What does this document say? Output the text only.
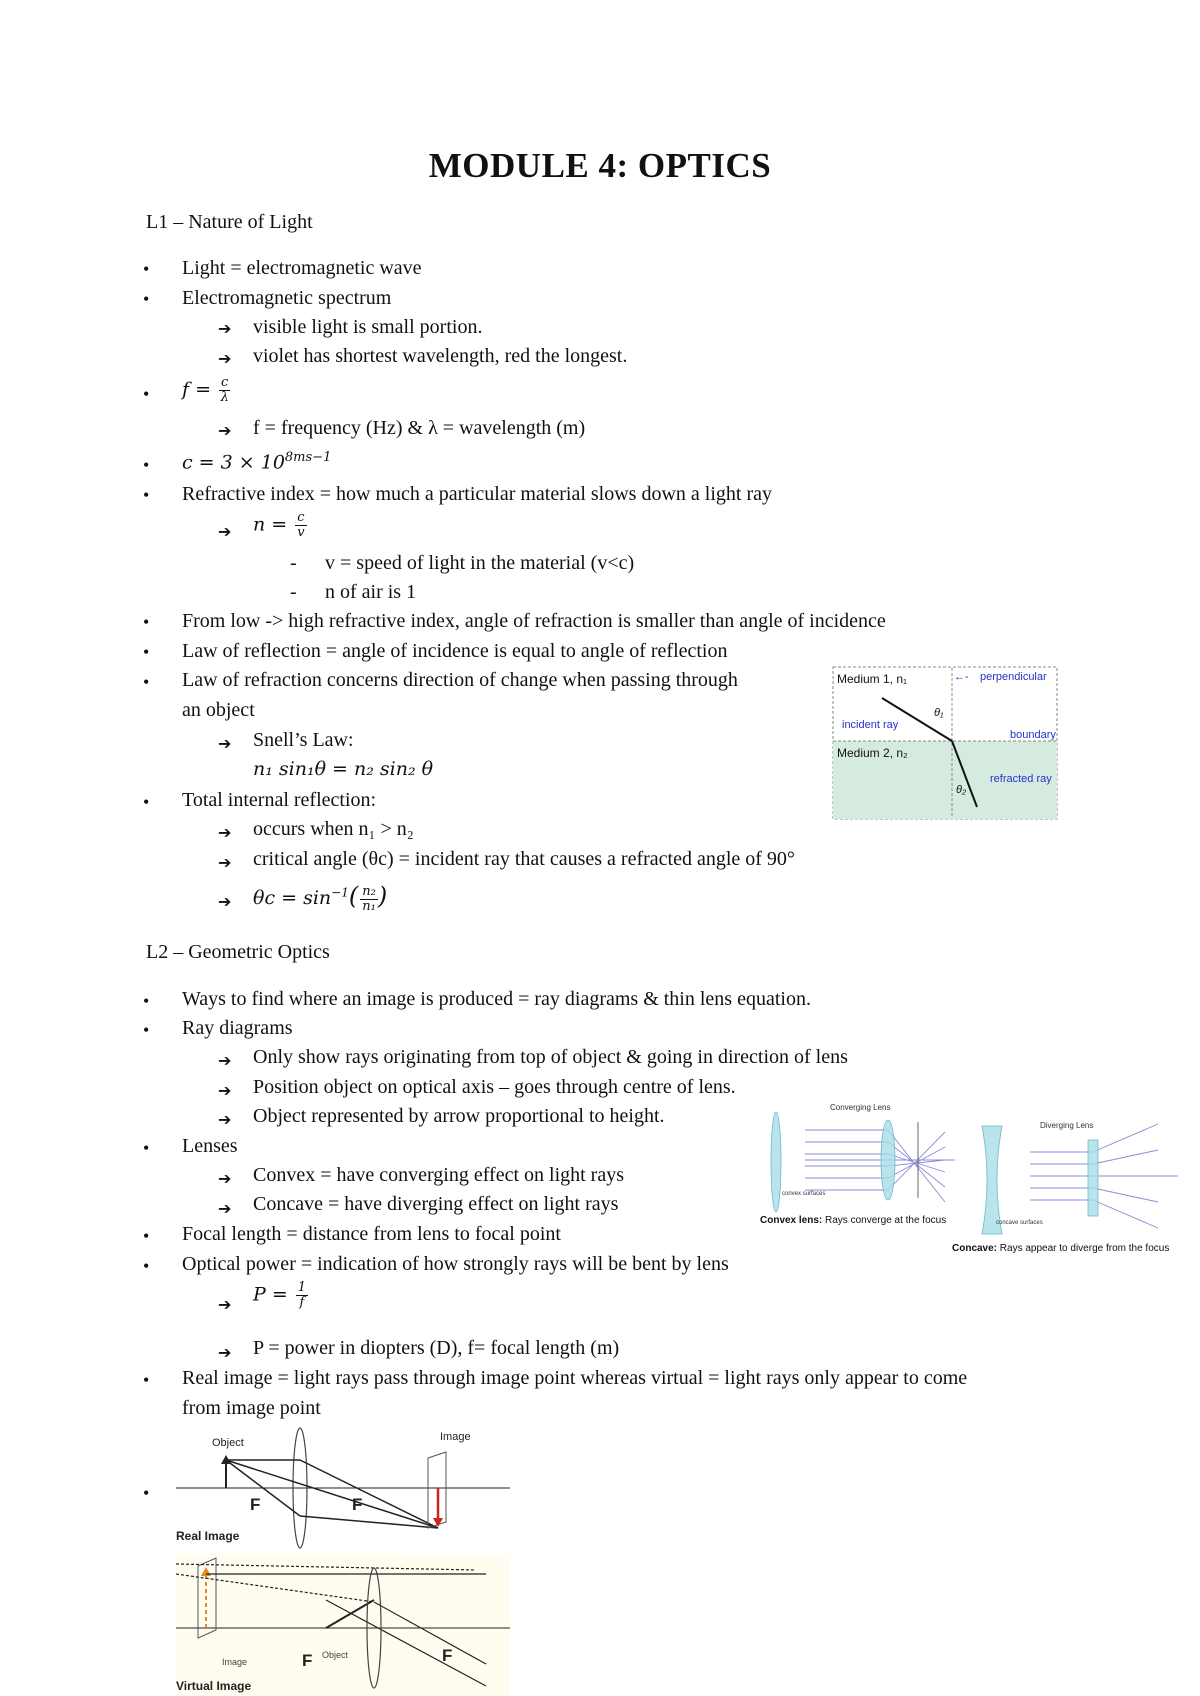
MODULE 4: OPTICS
L1 – Nature of Light
• Light = electromagnetic wave
• Electromagnetic spectrum
➔ visible light is small portion.
➔ violet has shortest wavelength, red the longest.
• $f = \frac{c}{\lambda}$
➔ f = frequency (Hz) & λ = wavelength (m)
• $c = 3 \times 10^{8ms-1}$
• Refractive index = how much a particular material slows down a light ray
➔ $n = \frac{c}{v}$
- v = speed of light in the material (v<c)
- n of air is 1
• From low -> high refractive index, angle of refraction is smaller than angle of incidence
• Law of reflection = angle of incidence is equal to angle of reflection
• Law of refraction concerns direction of change when passing through
an object
➔ Snell’s Law:
n₁ sin₁θ = n₂ sin₂ θ
• Total internal reflection:
➔ occurs when n₁ > n₂
➔ critical angle (θc) = incident ray that causes a refracted angle of 90°
➔ $\theta c = \sin^{-1}( \frac{\text{n₂}}{\text{n₁}}$ )
Medium 1, n₁
Medium 2, n₂
perpendicular
←-
incident ray
boundary
refracted ray
θ₁
θ₂
L2 – Geometric Optics
• Ways to find where an image is produced = ray diagrams & thin lens equation.
• Ray diagrams
➔ Only show rays originating from top of object & going in direction of lens
➔ Position object on optical axis – goes through centre of lens.
➔ Object represented by arrow proportional to height.
• Lenses
➔ Convex = have converging effect on light rays
➔ Concave = have diverging effect on light rays
• Focal length = distance from lens to focal point
• Optical power = indication of how strongly rays will be bent by lens
➔ $P = \frac{1}{f}$
➔ P = power in diopters (D), f= focal length (m)
• Real image = light rays pass through image point whereas virtual = light rays only appear to come
from image point
•
Converging Lens
convex surfaces
Convex lens: Rays converge at the focus
Diverging Lens
concave surfaces
Concave: Rays appear to diverge from the focus
Object	Image
F	F
Real Image
Image	F Object	F
Virtual Image
